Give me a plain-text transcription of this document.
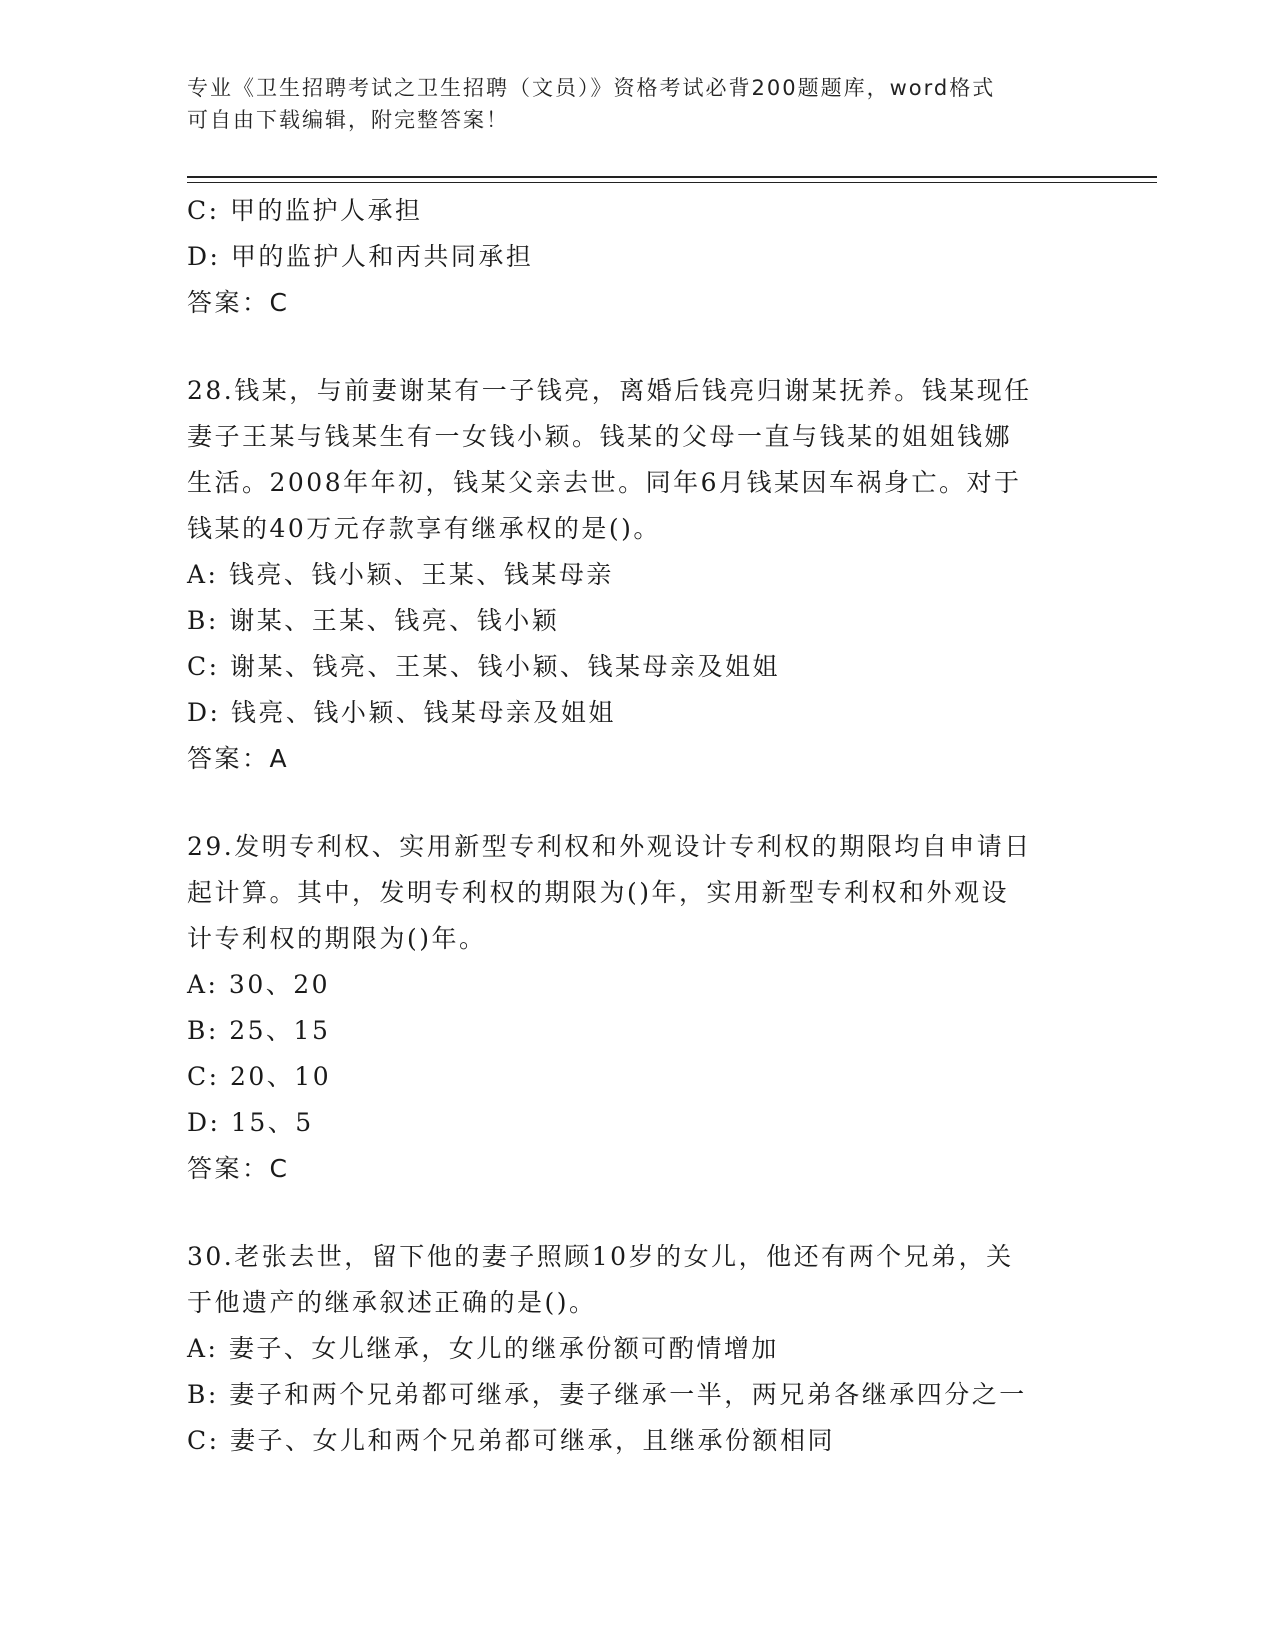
专业《卫生招聘考试之卫生招聘（文员）》资格考试必背200题题库，word格式
可自由下载编辑，附完整答案！
C: 甲的监护人承担
D: 甲的监护人和丙共同承担
答案：C
28.钱某，与前妻谢某有一子钱亮，离婚后钱亮归谢某抚养。钱某现任
妻子王某与钱某生有一女钱小颖。钱某的父母一直与钱某的姐姐钱娜
生活。2008年年初，钱某父亲去世。同年6月钱某因车祸身亡。对于
钱某的40万元存款享有继承权的是()。
A: 钱亮、钱小颖、王某、钱某母亲
B: 谢某、王某、钱亮、钱小颖
C: 谢某、钱亮、王某、钱小颖、钱某母亲及姐姐
D: 钱亮、钱小颖、钱某母亲及姐姐
答案：A
29.发明专利权、实用新型专利权和外观设计专利权的期限均自申请日
起计算。其中，发明专利权的期限为()年，实用新型专利权和外观设
计专利权的期限为()年。
A: 30、20
B: 25、15
C: 20、10
D: 15、5
答案：C
30.老张去世，留下他的妻子照顾10岁的女儿，他还有两个兄弟，关
于他遗产的继承叙述正确的是()。
A: 妻子、女儿继承，女儿的继承份额可酌情增加
B: 妻子和两个兄弟都可继承，妻子继承一半，两兄弟各继承四分之一
C: 妻子、女儿和两个兄弟都可继承，且继承份额相同
